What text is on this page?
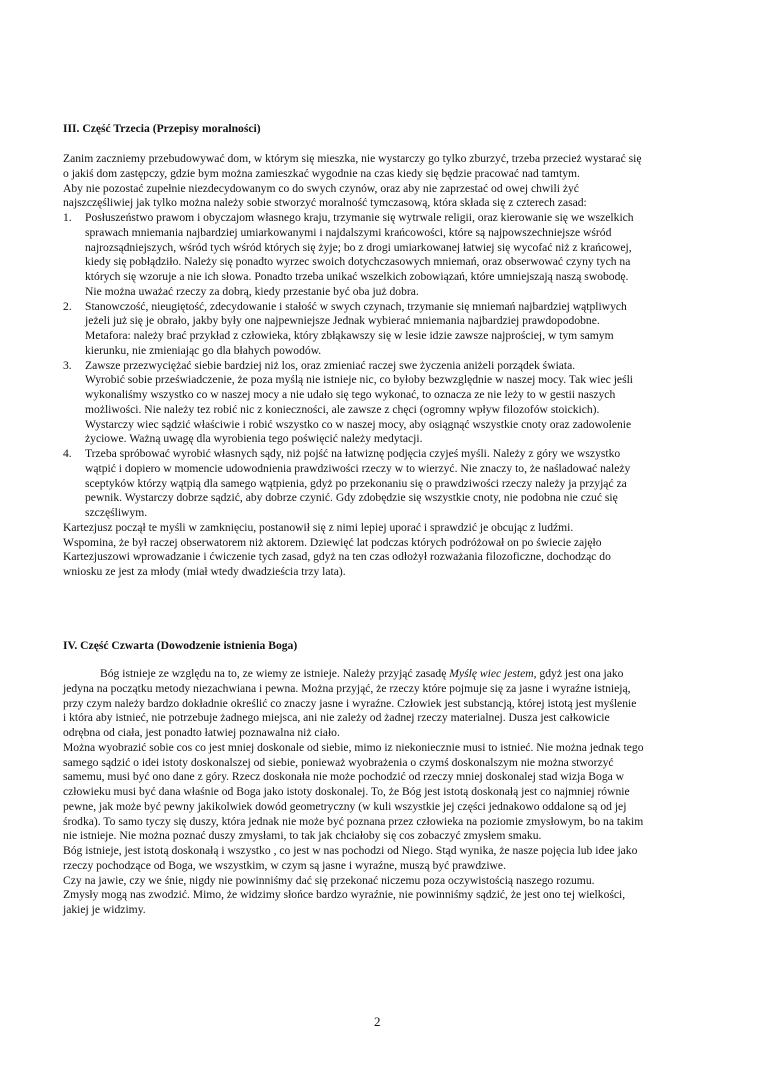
III. Część Trzecia (Przepisy moralności)
Zanim zaczniemy przebudowywać dom, w którym się mieszka, nie wystarczy go tylko zburzyć, trzeba przecież wystarać się
o jakiś dom zastępczy, gdzie bym można zamieszkać wygodnie na czas kiedy się będzie pracować nad tamtym.
Aby nie pozostać zupełnie niezdecydowanym co do swych czynów, oraz aby nie zaprzestać od owej chwili żyć
najszczęśliwiej jak tylko można należy sobie stworzyć moralność tymczasową, która składa się z czterech zasad:
1.	Posłuszeństwo prawom i obyczajom własnego kraju, trzymanie się wytrwale religii, oraz kierowanie się we wszelkich
sprawach mniemania najbardziej umiarkowanymi i najdalszymi krańcowości, które są najpowszechniejsze wśród
najrozsądniejszych, wśród tych wśród których się żyje; bo z drogi umiarkowanej łatwiej się wycofać niż z krańcowej,
kiedy się pobłądziło. Należy się ponadto wyrzec swoich dotychczasowych mniemań, oraz obserwować czyny tych na
których się wzoruje a nie ich słowa. Ponadto trzeba unikać wszelkich zobowiązań, które umniejszają naszą swobodę.
Nie można uważać rzeczy za dobrą, kiedy przestanie być oba już dobra.
2.	Stanowczość, nieugiętość, zdecydowanie i stałość w swych czynach, trzymanie się mniemań najbardziej wątpliwych
jeżeli już się je obrało, jakby były one najpewniejsze Jednak wybierać mniemania najbardziej prawdopodobne.
Metafora: należy brać przykład z człowieka, który zbłąkawszy się w lesie idzie zawsze najprościej, w tym samym
kierunku, nie zmieniając go dla błahych powodów.
3.	Zawsze przezwyciężać siebie bardziej niż los, oraz zmieniać raczej swe życzenia aniżeli porządek świata.
Wyrobić sobie przeświadczenie, że poza myślą nie istnieje nic, co byłoby bezwzględnie w naszej mocy. Tak wiec jeśli
wykonaliśmy wszystko co w naszej mocy a nie udało się tego wykonać, to oznacza ze nie leży to w gestii naszych
możliwości. Nie należy tez robić nic z konieczności, ale zawsze z chęci (ogromny wpływ filozofów stoickich).
Wystarczy wiec sądzić właściwie i robić wszystko co w naszej mocy, aby osiągnąć wszystkie cnoty oraz zadowolenie
życiowe. Ważną uwagę dla wyrobienia tego poświęcić należy medytacji.
4.	Trzeba spróbować wyrobić własnych sądy, niż pojść na łatwiznę podjęcia czyjeś myśli. Należy z góry we wszystko
wątpić i dopiero w momencie udowodnienia prawdziwości rzeczy w to wierzyć. Nie znaczy to, że naśladować należy
sceptyków którzy wątpią dla samego wątpienia, gdyż po przekonaniu się o prawdziwości rzeczy należy ja przyjąć za
pewnik. Wystarczy dobrze sądzić, aby dobrze czynić. Gdy zdobędzie się wszystkie cnoty, nie podobna nie czuć się
szczęśliwym.
Kartezjusz począł te myśli w zamknięciu, postanowił się z nimi lepiej uporać i sprawdzić je obcując z ludźmi.
Wspomina, że był raczej obserwatorem niż aktorem. Dziewięć lat podczas których podróżował on po świecie zajęło
Kartezjuszowi wprowadzanie i ćwiczenie tych zasad, gdyż na ten czas odłożył rozważania filozoficzne, dochodząc do
wniosku ze jest za młody (miał wtedy dwadzieścia trzy lata).
IV. Część Czwarta (Dowodzenie istnienia Boga)
Bóg istnieje ze względu na to, ze wiemy ze istnieje. Należy przyjąć zasadę Myślę wiec jestem, gdyż jest ona jako
jedyna na początku metody niezachwiana i pewna. Można przyjąć, że rzeczy które pojmuje się za jasne i wyraźne istnieją,
przy czym należy bardzo dokładnie określić co znaczy jasne i wyraźne. Człowiek jest substancją, której istotą jest myślenie
i która aby istnieć, nie potrzebuje żadnego miejsca, ani nie zależy od żadnej rzeczy materialnej. Dusza jest całkowicie
odrębna od ciała, jest ponadto łatwiej poznawalna niż ciało.
Można wyobrazić sobie cos co jest mniej doskonale od siebie, mimo iz niekoniecznie musi to istnieć. Nie można jednak tego
samego sądzić o idei istoty doskonalszej od siebie, ponieważ wyobrażenia o czymś doskonalszym nie można stworzyć
samemu, musi być ono dane z góry. Rzecz doskonała nie może pochodzić od rzeczy mniej doskonalej stad wizja Boga w
człowieku musi być dana właśnie od Boga jako istoty doskonalej. To, że Bóg jest istotą doskonałą jest co najmniej równie
pewne, jak może być pewny jakikolwiek dowód geometryczny (w kuli wszystkie jej części jednakowo oddalone są od jej
środka). To samo tyczy się duszy, która jednak nie może być poznana przez człowieka na poziomie zmysłowym, bo na takim
nie istnieje. Nie można poznać duszy zmysłami, to tak jak chciałoby się cos zobaczyć zmysłem smaku.
Bóg istnieje, jest istotą doskonałą i wszystko , co jest w nas pochodzi od Niego. Stąd wynika, że nasze pojęcia lub idee jako
rzeczy pochodzące od Boga, we wszystkim, w czym są jasne i wyraźne, muszą być prawdziwe.
Czy na jawie, czy we śnie, nigdy nie powinniśmy dać się przekonać niczemu poza oczywistością naszego rozumu.
Zmysły mogą nas zwodzić. Mimo, że widzimy słońce bardzo wyraźnie, nie powinniśmy sądzić, że jest ono tej wielkości,
jakiej je widzimy.
2
